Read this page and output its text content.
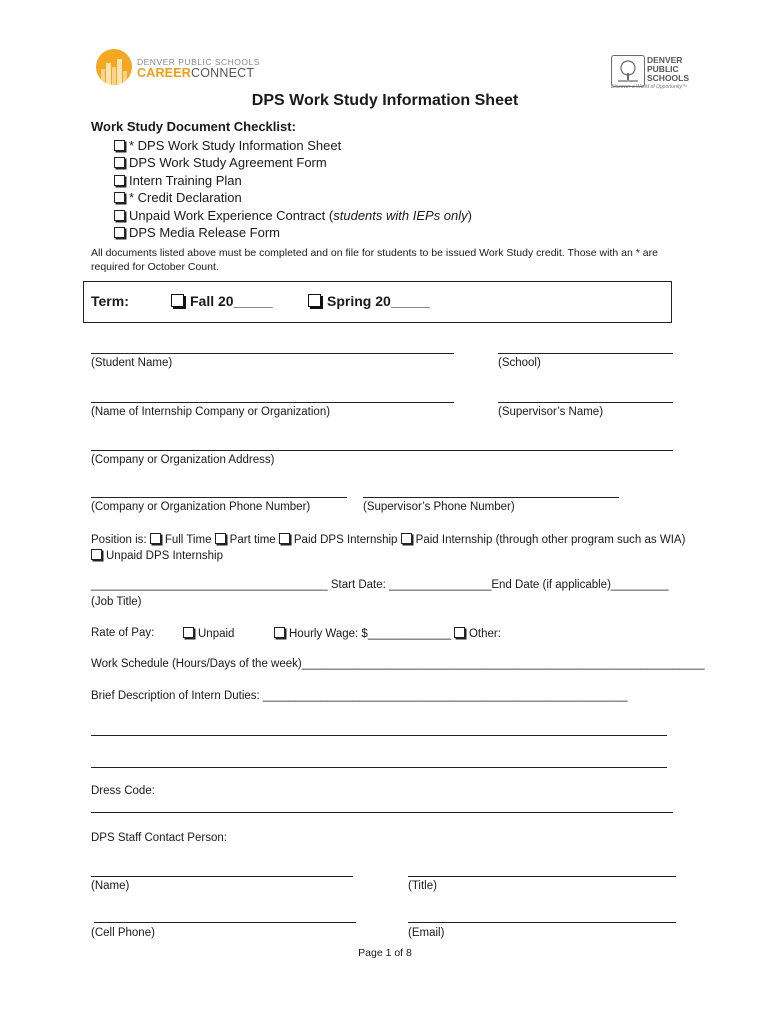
DENVER PUBLIC SCHOOLS
CAREERCONNECT
DENVER
PUBLIC
SCHOOLS
Discover a World of Opportunity™
DPS Work Study Information Sheet
Work Study Document Checklist:
* DPS Work Study Information Sheet
DPS Work Study Agreement Form
Intern Training Plan
* Credit Declaration
Unpaid Work Experience Contract (students with IEPs only)
DPS Media Release Form
All documents listed above must be completed and on file for students to be issued Work Study credit. Those with an * are required for October Count.
Term:	Fall 20_____	Spring 20_____
(Student Name)	(School)
(Name of Internship Company or Organization)	(Supervisor’s Name)
(Company or Organization Address)
(Company or Organization Phone Number)	(Supervisor’s Phone Number)
Position is: Full Time Part time Paid DPS Internship Paid Internship (through other program such as WIA)
Unpaid DPS Internship
_____________________________________ Start Date: ________________End Date (if applicable)_________
(Job Title)
Rate of Pay:	Unpaid	Hourly Wage: $_____________ Other:
Work Schedule (Hours/Days of the week)_______________________________________________________________
Brief Description of Intern Duties: _________________________________________________________
Dress Code:
DPS Staff Contact Person:
(Name)	(Title)
(Cell Phone)	(Email)
Page 1 of 8
